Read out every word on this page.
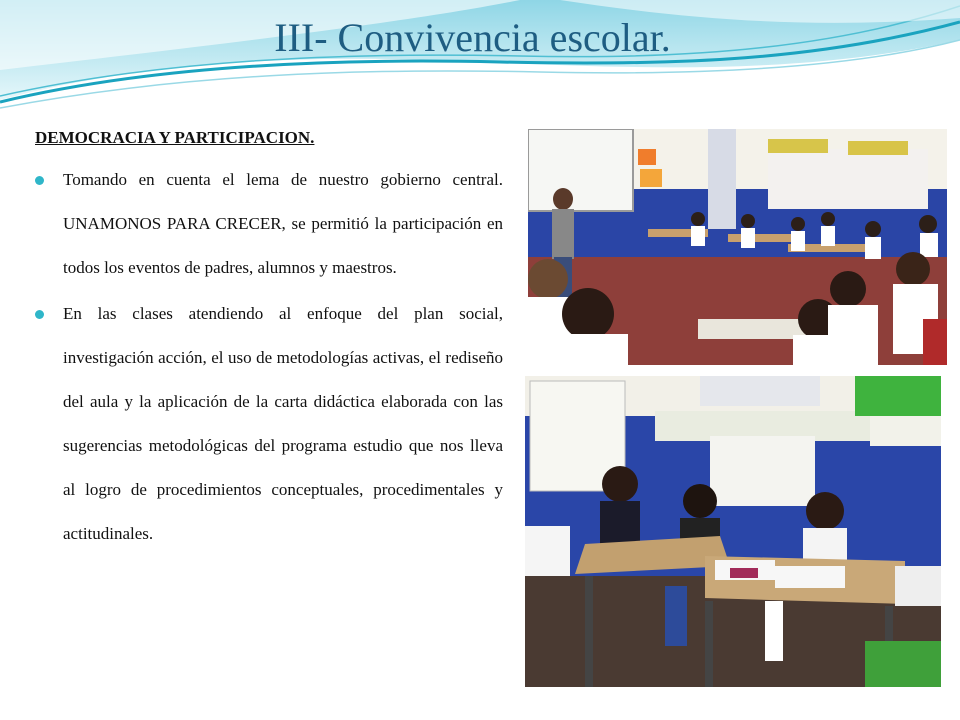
III- Convivencia escolar.

DEMOCRACIA Y PARTICIPACION.

Tomando en cuenta el lema de nuestro gobierno central. UNAMONOS PARA CRECER, se permitió la participación en todos los eventos de padres, alumnos y maestros.

En las clases atendiendo al enfoque del plan social, investigación acción, el uso de metodologías activas, el rediseño del aula y la aplicación de la carta didáctica elaborada con las sugerencias metodológicas del programa estudio que nos lleva al logro de procedimientos conceptuales, procedimentales y actitudinales.
